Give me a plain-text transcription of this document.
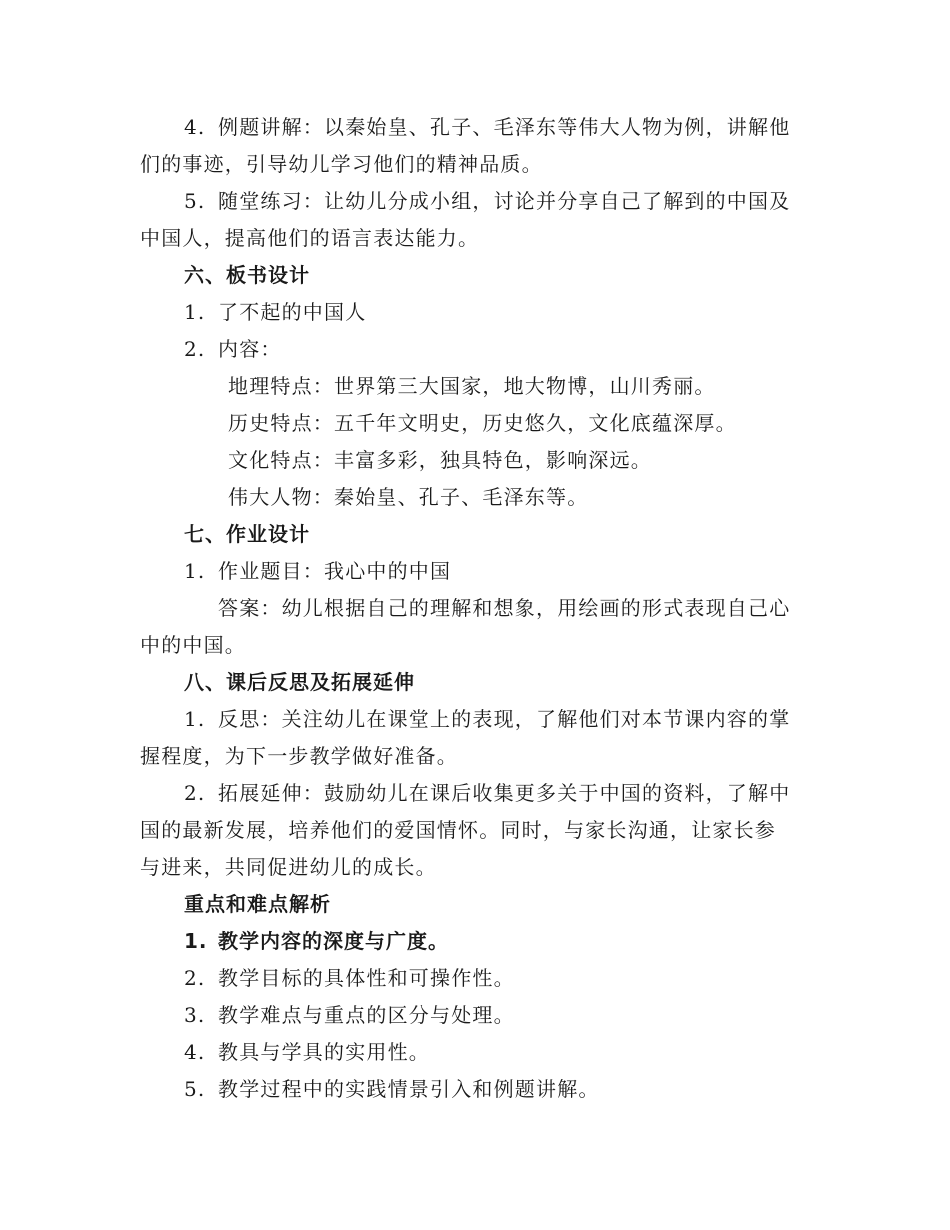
4. 例题讲解：以秦始皇、孔子、毛泽东等伟大人物为例，讲解他
们的事迹，引导幼儿学习他们的精神品质。
5. 随堂练习：让幼儿分成小组，讨论并分享自己了解到的中国及
中国人，提高他们的语言表达能力。
六、板书设计
1. 了不起的中国人
2. 内容：
地理特点：世界第三大国家，地大物博，山川秀丽。
历史特点：五千年文明史，历史悠久，文化底蕴深厚。
文化特点：丰富多彩，独具特色，影响深远。
伟大人物：秦始皇、孔子、毛泽东等。
七、作业设计
1. 作业题目：我心中的中国
答案：幼儿根据自己的理解和想象，用绘画的形式表现自己心
中的中国。
八、课后反思及拓展延伸
1. 反思：关注幼儿在课堂上的表现，了解他们对本节课内容的掌
握程度，为下一步教学做好准备。
2. 拓展延伸：鼓励幼儿在课后收集更多关于中国的资料，了解中
国的最新发展，培养他们的爱国情怀。同时，与家长沟通，让家长参
与进来，共同促进幼儿的成长。
重点和难点解析
1. 教学内容的深度与广度。
2. 教学目标的具体性和可操作性。
3. 教学难点与重点的区分与处理。
4. 教具与学具的实用性。
5. 教学过程中的实践情景引入和例题讲解。
